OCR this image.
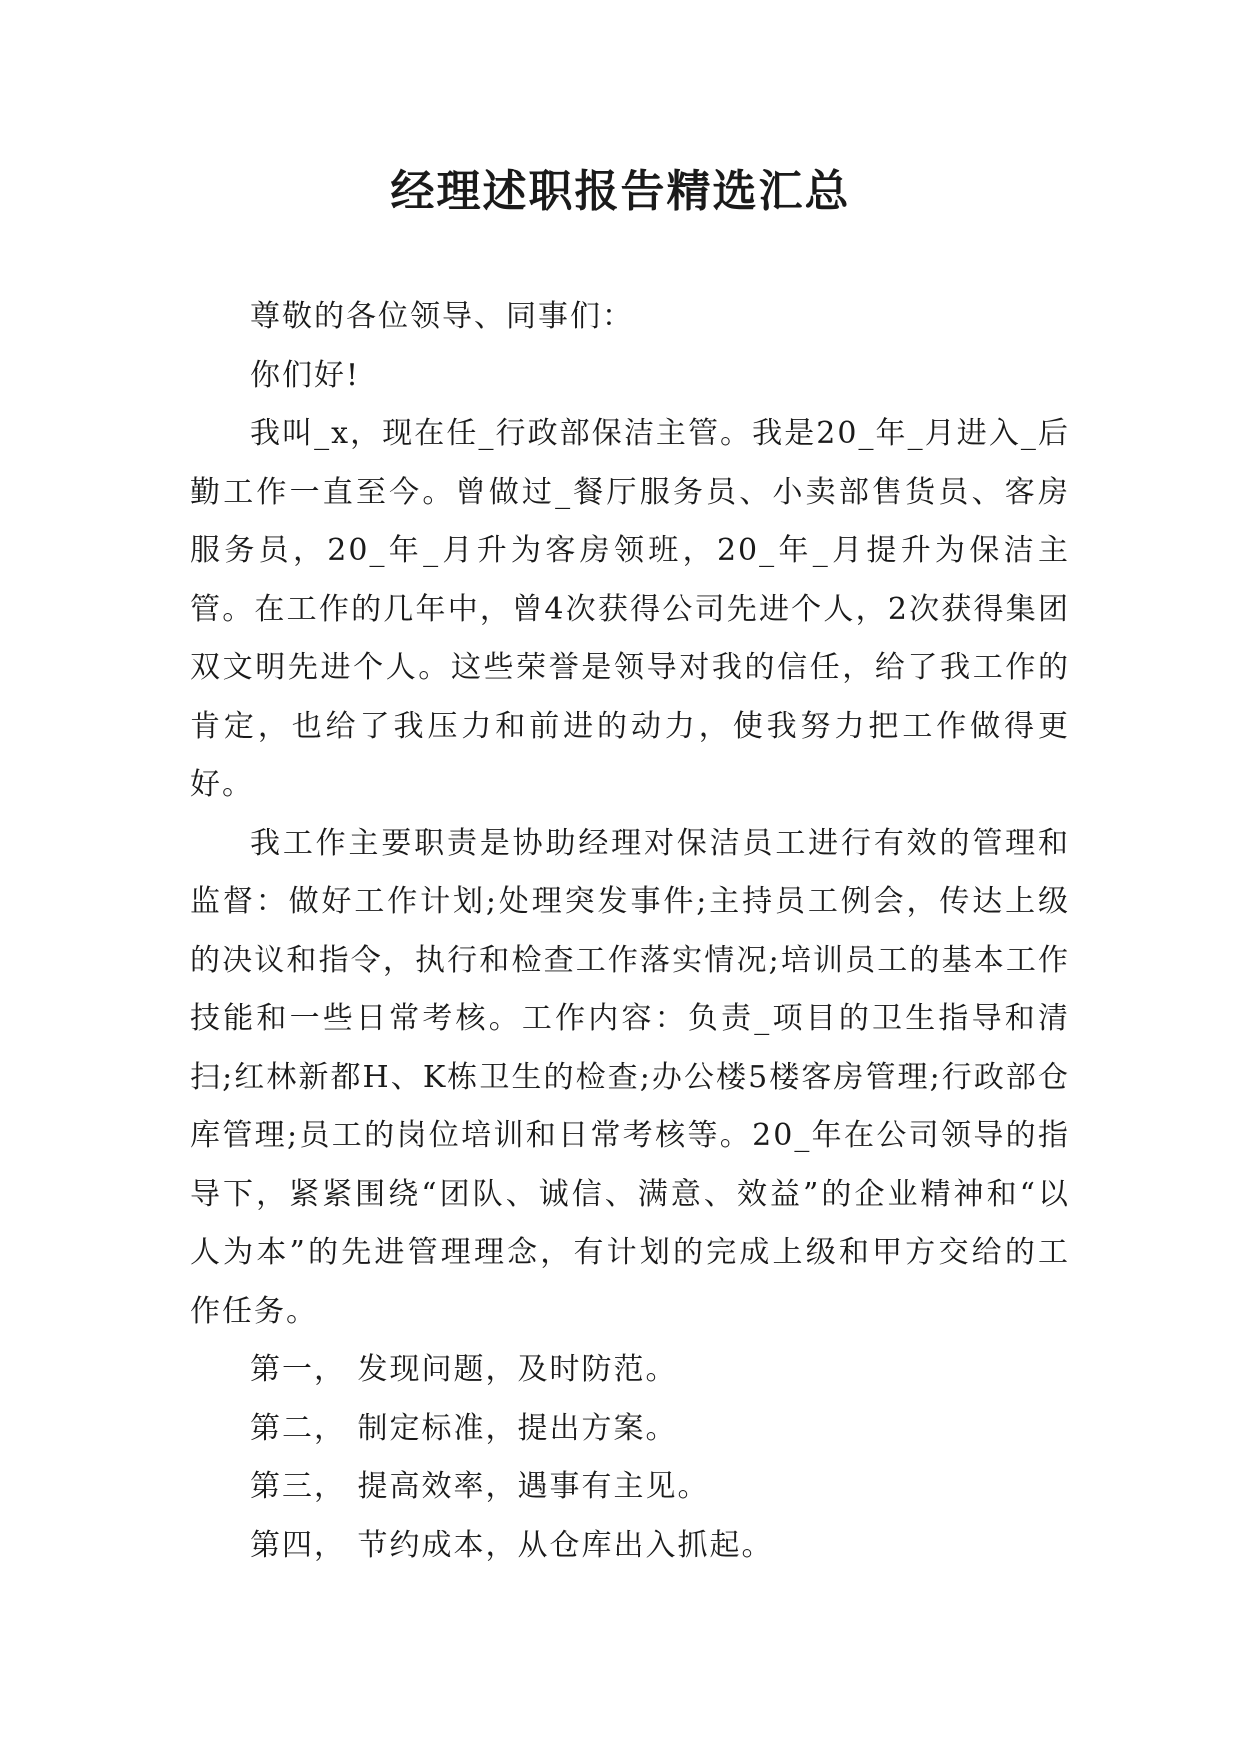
经理述职报告精选汇总

尊敬的各位领导、同事们：

你们好!

我叫_x，现在任_行政部保洁主管。我是20_年_月进入_后勤工作一直至今。曾做过_餐厅服务员、小卖部售货员、客房服务员，20_年_月升为客房领班，20_年_月提升为保洁主管。在工作的几年中，曾4次获得公司先进个人，2次获得集团双文明先进个人。这些荣誉是领导对我的信任，给了我工作的肯定，也给了我压力和前进的动力，使我努力把工作做得更好。

我工作主要职责是协助经理对保洁员工进行有效的管理和监督：做好工作计划;处理突发事件;主持员工例会，传达上级的决议和指令，执行和检查工作落实情况;培训员工的基本工作技能和一些日常考核。工作内容：负责_项目的卫生指导和清扫;红林新都H、K栋卫生的检查;办公楼5楼客房管理;行政部仓库管理;员工的岗位培训和日常考核等。20_年在公司领导的指导下，紧紧围绕“团队、诚信、满意、效益”的企业精神和“以人为本”的先进管理理念，有计划的完成上级和甲方交给的工作任务。

第一， 发现问题，及时防范。

第二， 制定标准，提出方案。

第三， 提高效率，遇事有主见。

第四， 节约成本，从仓库出入抓起。
